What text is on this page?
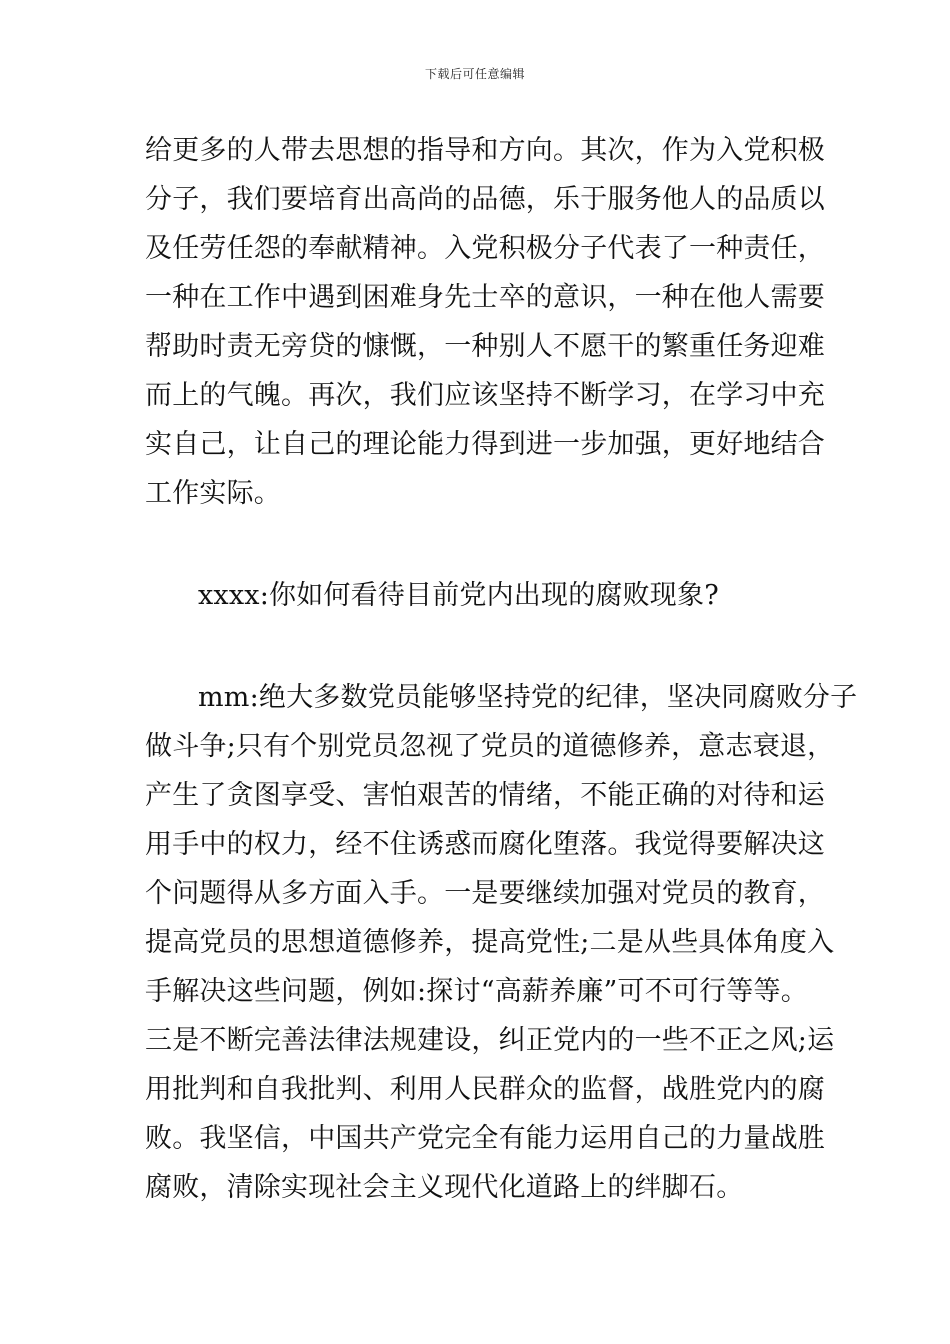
下载后可任意编辑
给更多的人带去思想的指导和方向。其次，作为入党积极
分子，我们要培育出高尚的品德，乐于服务他人的品质以
及任劳任怨的奉献精神。入党积极分子代表了一种责任，
一种在工作中遇到困难身先士卒的意识，一种在他人需要
帮助时责无旁贷的慷慨，一种别人不愿干的繁重任务迎难
而上的气魄。再次，我们应该坚持不断学习，在学习中充
实自己，让自己的理论能力得到进一步加强，更好地结合
工作实际。
xxxx:你如何看待目前党内出现的腐败现象?
mm:绝大多数党员能够坚持党的纪律，坚决同腐败分子
做斗争;只有个别党员忽视了党员的道德修养，意志衰退，
产生了贪图享受、害怕艰苦的情绪，不能正确的对待和运
用手中的权力，经不住诱惑而腐化堕落。我觉得要解决这
个问题得从多方面入手。一是要继续加强对党员的教育，
提高党员的思想道德修养，提高党性;二是从些具体角度入
手解决这些问题，例如:探讨“高薪养廉”可不可行等等。
三是不断完善法律法规建设，纠正党内的一些不正之风;运
用批判和自我批判、利用人民群众的监督，战胜党内的腐
败。我坚信，中国共产党完全有能力运用自己的力量战胜
腐败，清除实现社会主义现代化道路上的绊脚石。
